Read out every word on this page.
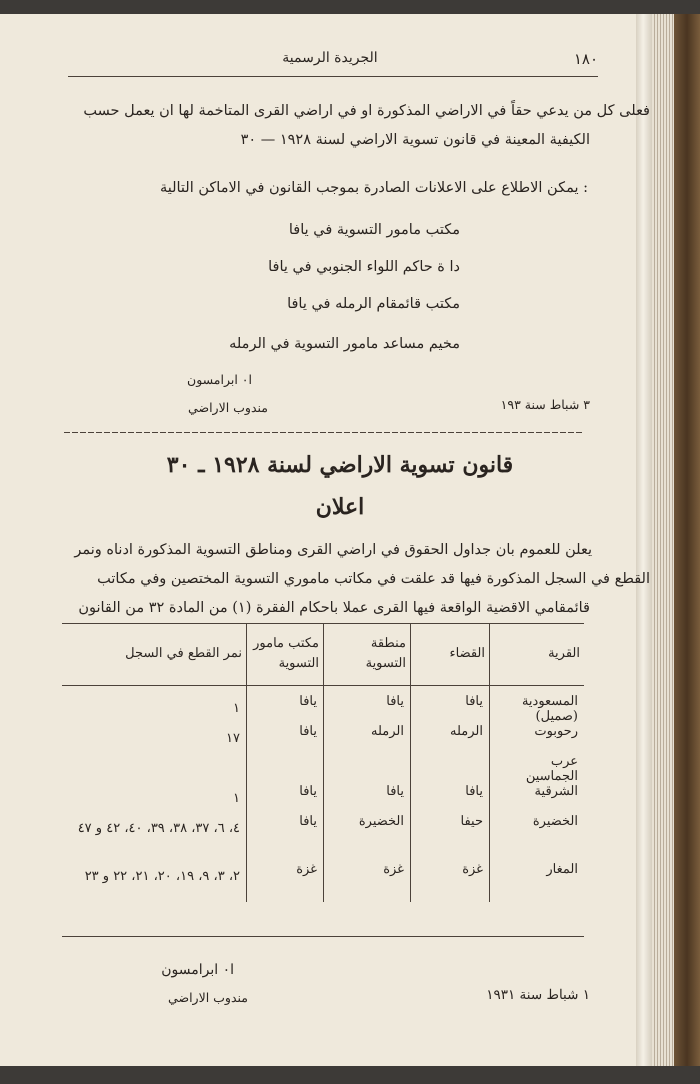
الجريدة الرسمية	١٨٠
فعلى كل من يدعي حقاً في الاراضي المذكورة او في اراضي القرى المتاخمة لها ان يعمل حسب
الكيفية المعينة في قانون تسوية الاراضي لسنة ١٩٢٨ — ٣٠
يمكن الاطلاع على الاعلانات الصادرة بموجب القانون في الاماكن التالية :
مكتب مامور التسوية في يافا
دا ة حاكم اللواء الجنوبي في يافا
مكتب قائمقام الرمله في يافا
مخيم مساعد مامور التسوية في الرمله
ا٠ ابرامسون
مندوب الاراضي	٣ شباط سنة ١٩٣
قانون تسوية الاراضي لسنة ١٩٢٨ ـ ٣٠
اعلان
يعلن للعموم بان جداول الحقوق في اراضي القرى ومناطق التسوية المذكورة ادناه ونمر
القطع في السجل المذكورة فيها قد علقت في مكاتب ماموري التسوية المختصين وفي مكاتب
قائمقامي الاقضية الواقعة فيها القرى عملا باحكام الفقرة (١) من المادة ٣٢ من القانون
القرية	القضاء	منطقة التسوية	مكتب مامور التسوية	نمر القطع في السجل
المسعودية (صميل)	يافا	يافا	يافا	١
رحوبوت	الرمله	الرمله	يافا	١٧
عرب الجماسين				
الشرقية	يافا	يافا	يافا	١
الخضيرة	حيفا	الخضيرة	يافا	٤، ٦، ٣٧، ٣٨، ٣٩، ٤٠، ٤٢ و ٤٧
المغار	غزة	غزة	غزة	٢، ٣، ٩، ١٩، ٢٠، ٢١، ٢٢ و ٢٣
ا٠ ابرامسون
مندوب الاراضي	١ شباط سنة ١٩٣١
